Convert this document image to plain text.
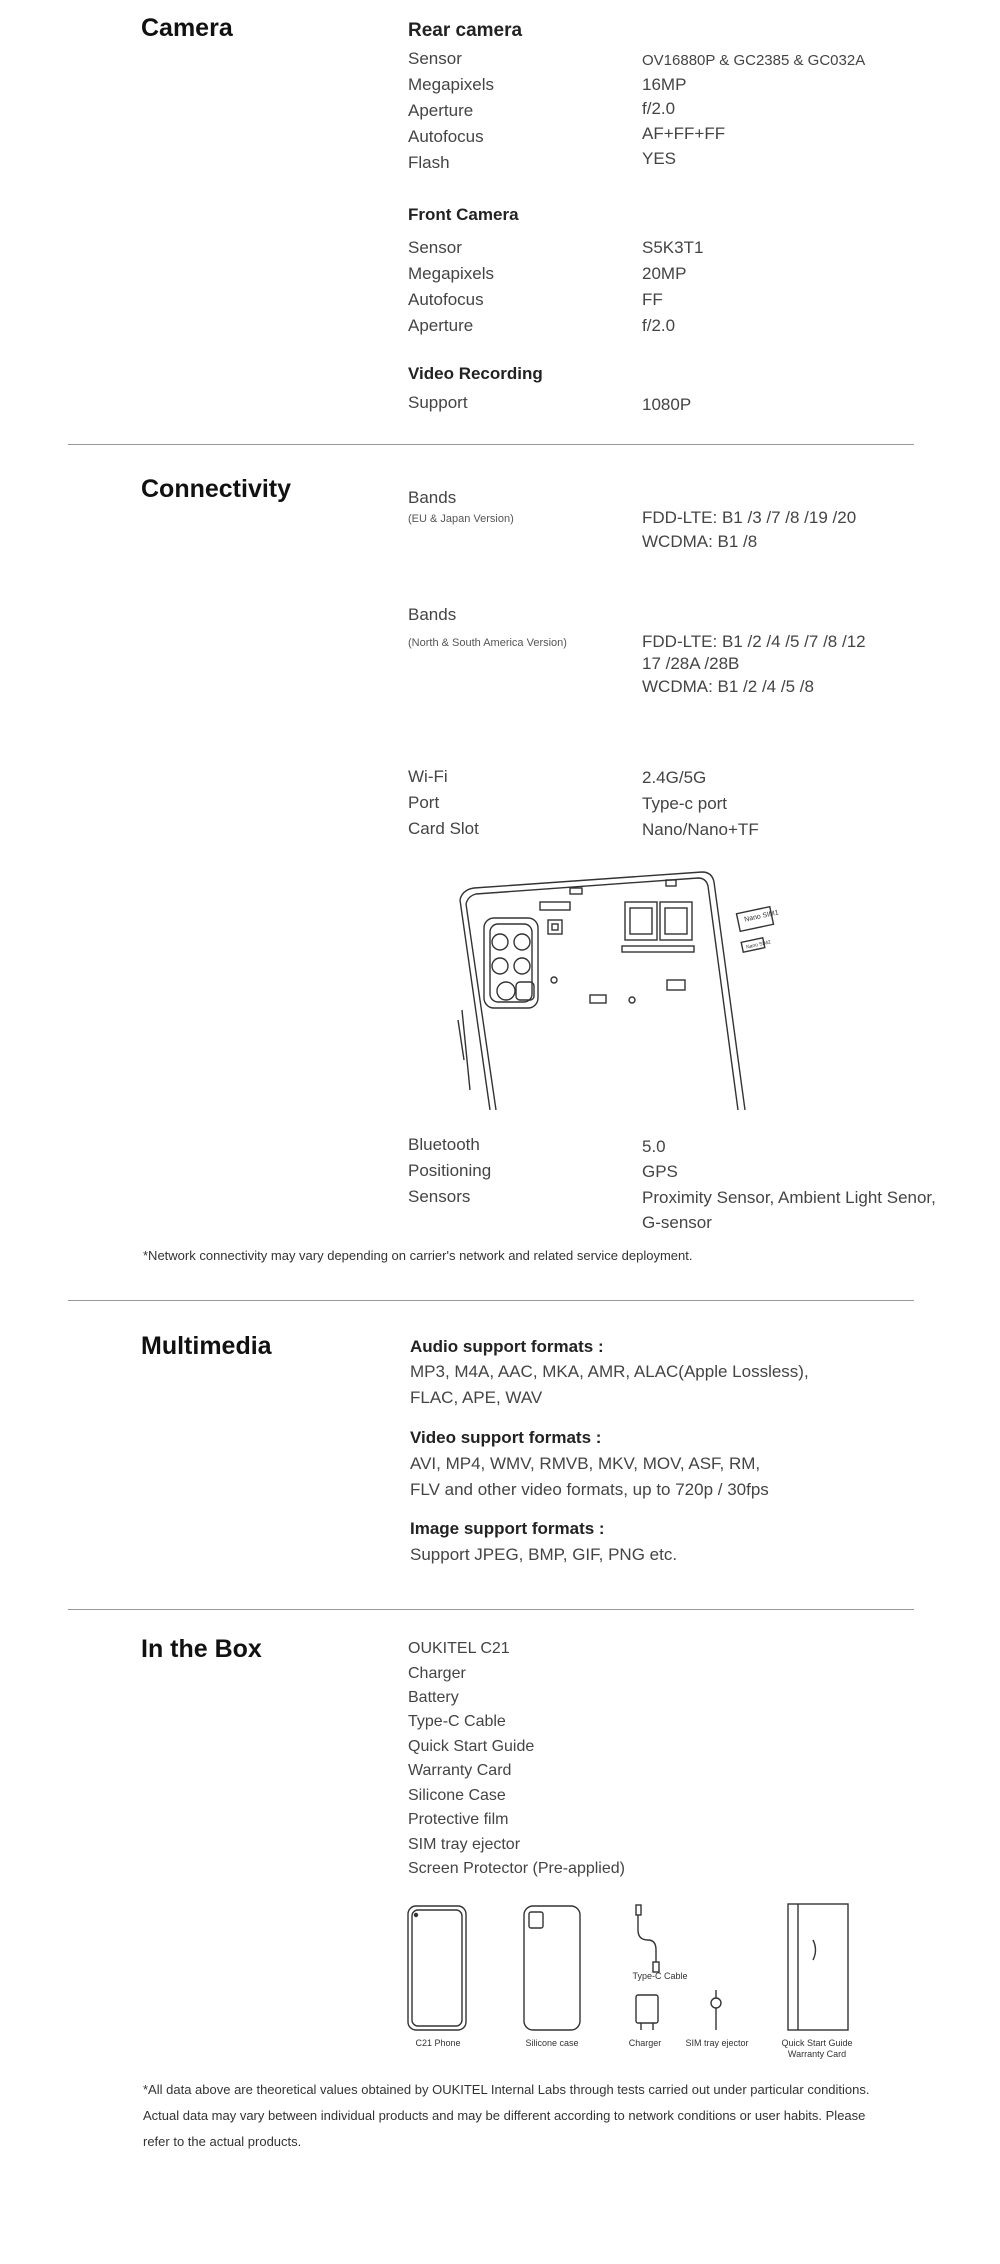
Camera	Rear camera
Sensor	OV16880P & GC2385 & GC032A
Megapixels	16MP
Aperture	f/2.0
Autofocus	AF+FF+FF
Flash	YES
Front Camera
Sensor	S5K3T1
Megapixels	20MP
Autofocus	FF
Aperture	f/2.0
Video Recording
Support	1080P
Connectivity	Bands
(EU & Japan Version)	FDD-LTE: B1 /3 /7 /8 /19 /20
WCDMA: B1 /8
Bands
(North & South America Version)	FDD-LTE: B1 /2 /4 /5 /7 /8 /12
17 /28A /28B
WCDMA: B1 /2 /4 /5 /8
Wi-Fi	2.4G/5G
Port	Type-c port
Card Slot	Nano/Nano+TF
Nano SIM1
Nano SIM2
Bluetooth	5.0
Positioning	GPS
Sensors	Proximity Sensor, Ambient Light Senor,
G-sensor
*Network connectivity may vary depending on carrier's network and related service deployment.
Multimedia	Audio support formats :
MP3, M4A, AAC, MKA, AMR, ALAC(Apple Lossless),
FLAC, APE, WAV
Video support formats :
AVI, MP4, WMV, RMVB, MKV, MOV, ASF, RM,
FLV and other video formats, up to 720p / 30fps
Image support formats :
Support JPEG, BMP, GIF, PNG etc.
In the Box	OUKITEL C21
Charger
Battery
Type-C Cable
Quick Start Guide
Warranty Card
Silicone Case
Protective film
SIM tray ejector
Screen Protector (Pre-applied)
C21 Phone	Silicone case
Type-C Cable
Charger	SIM tray ejector	Quick Start Guide
Warranty Card
*All data above are theoretical values obtained by OUKITEL Internal Labs through tests carried out under particular conditions.
Actual data may vary between individual products and may be different according to network conditions or user habits. Please
refer to the actual products.
